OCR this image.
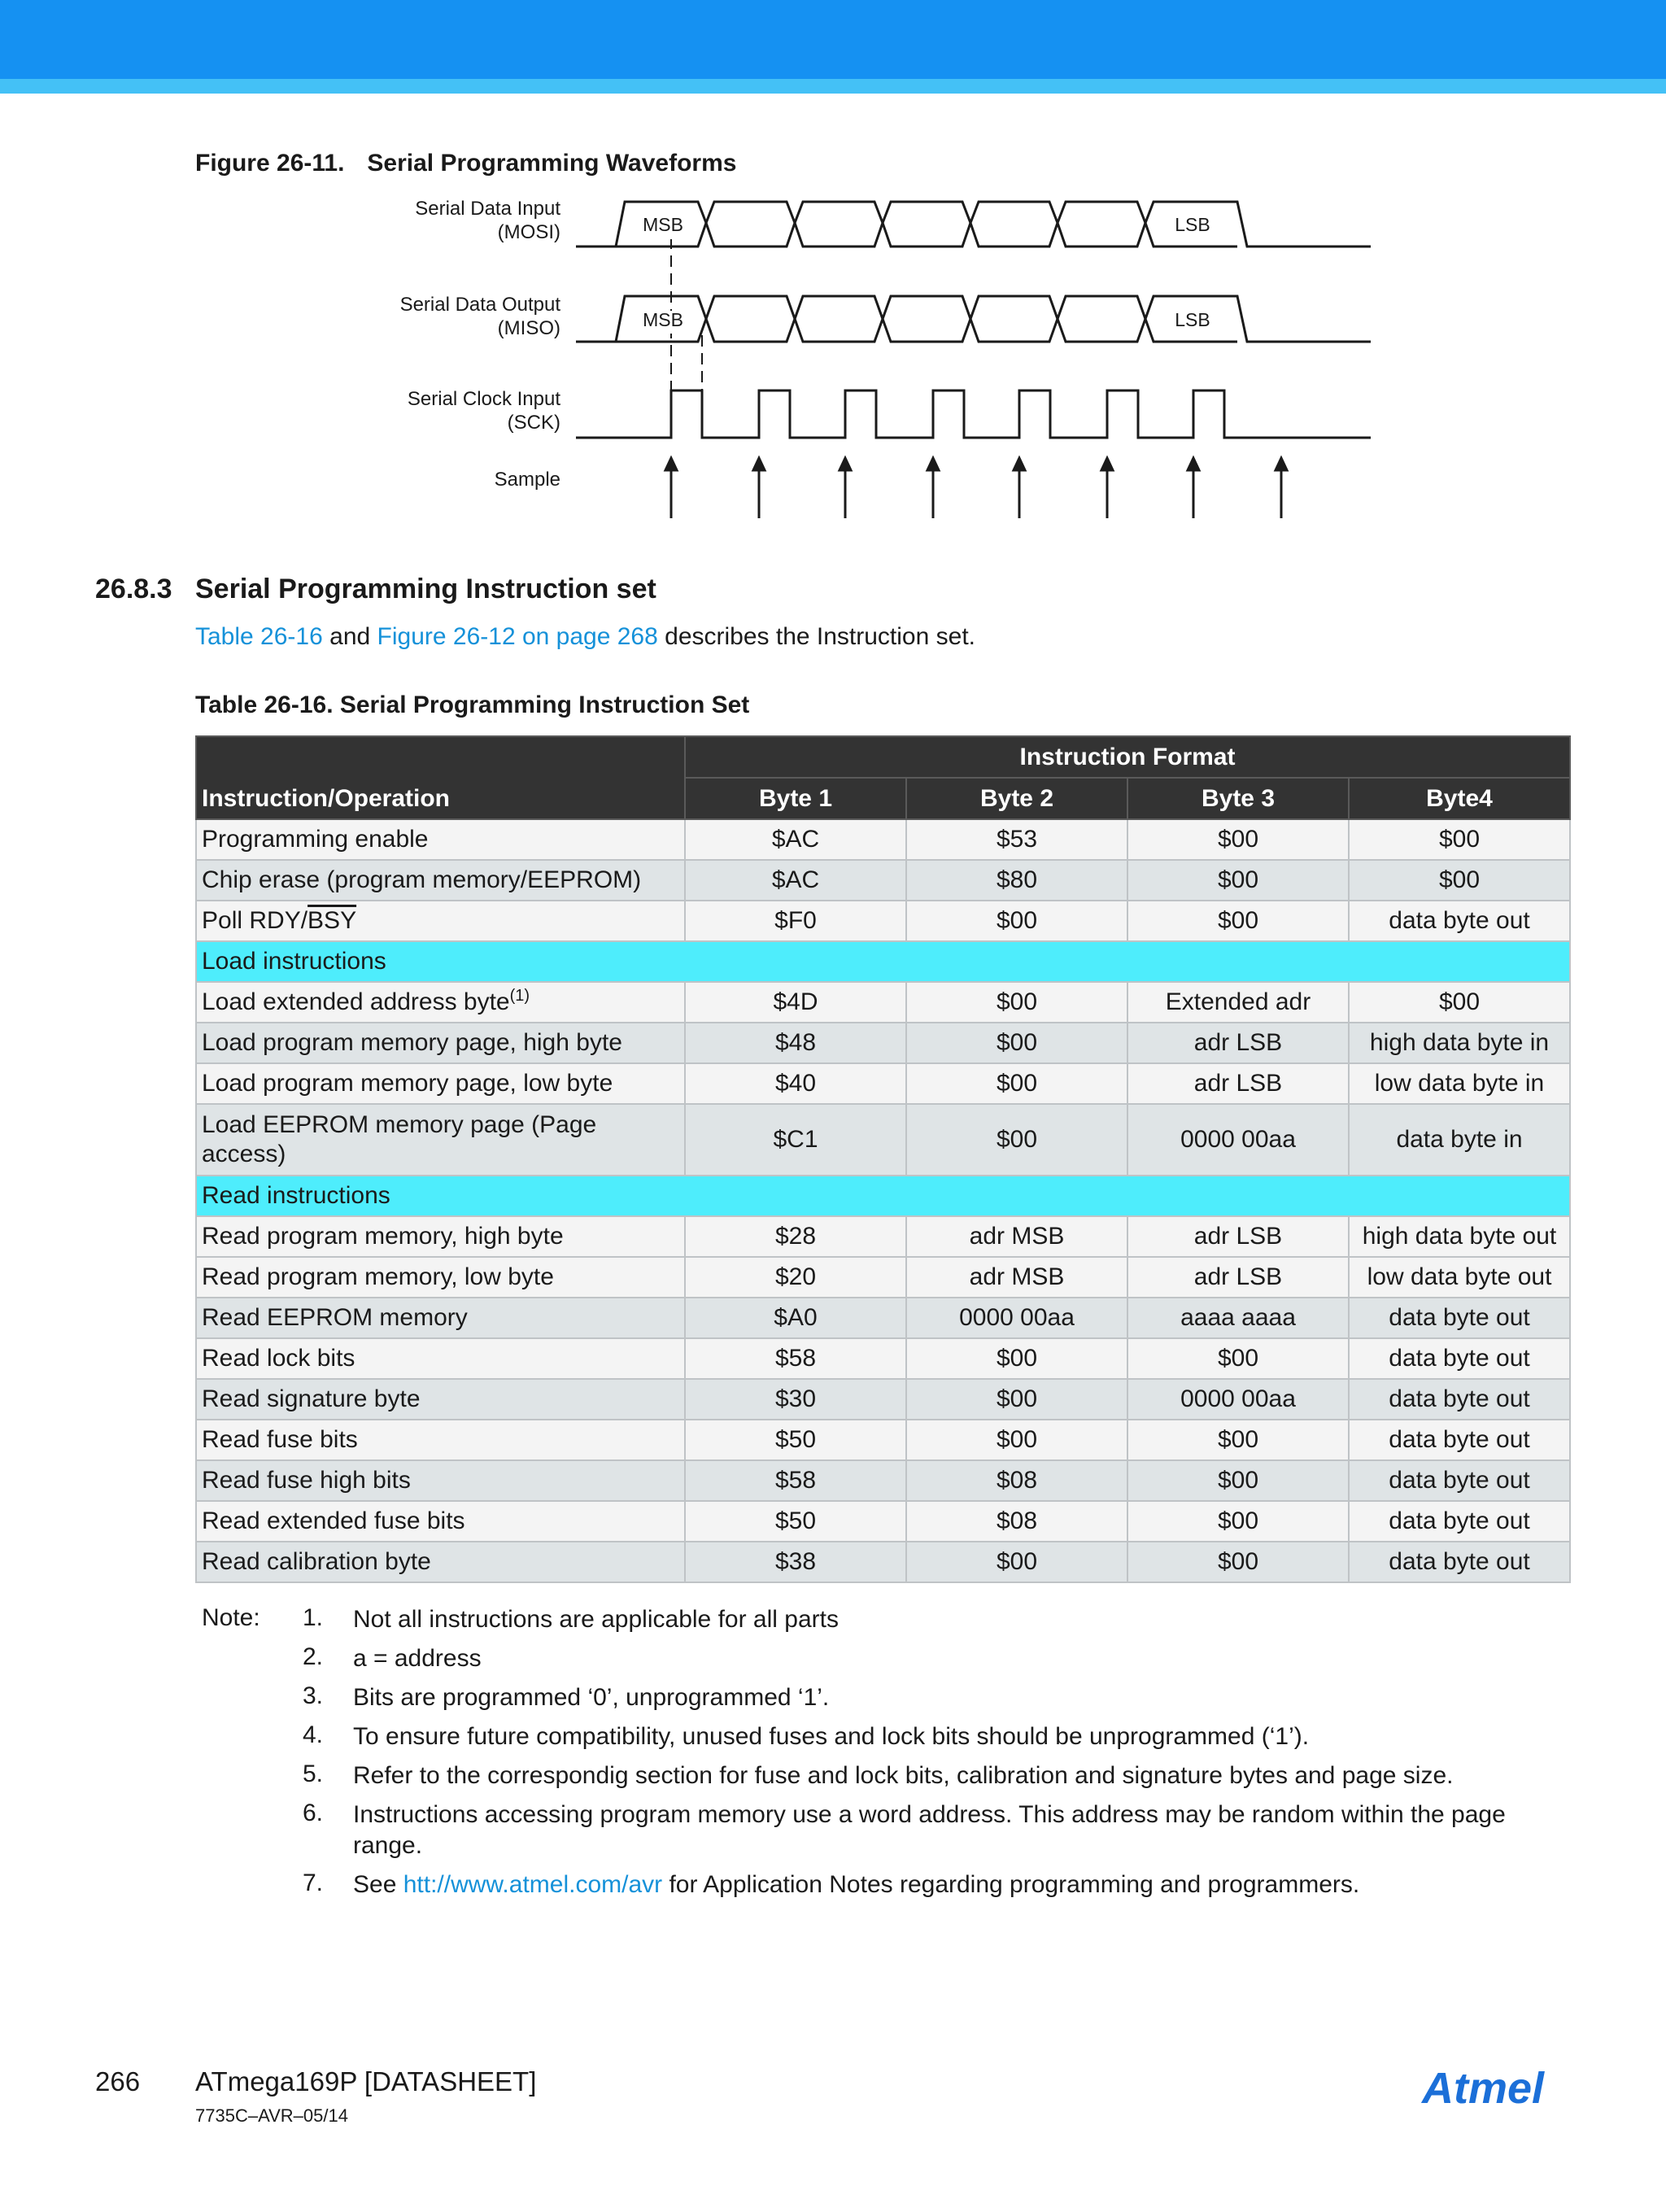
Figure 26-11. Serial Programming Waveforms
Serial Data Input
(MOSI)
Serial Data Output
(MISO)
Serial Clock Input
(SCK)
Sample
MSB	LSB
MSB	LSB
26.8.3 Serial Programming Instruction set
Table 26-16 and Figure 26-12 on page 268 describes the Instruction set.
Table 26-16. Serial Programming Instruction Set
Instruction/Operation	Instruction Format			
	Byte 1	Byte 2	Byte 3	Byte4
Programming enable	$AC	$53	$00	$00
Chip erase (program memory/EEPROM)	$AC	$80	$00	$00
Poll RDY/$\overline{BSY}$	$F0	$00	$00	data byte out
Load instructions				
Load extended address byte$^{(1)}$	$4D	$00	Extended adr	$00
Load program memory page, high byte	$48	$00	adr LSB	high data byte in
Load program memory page, low byte	$40	$00	adr LSB	low data byte in
Load EEPROM memory page (Page access)	$C1	$00	0000 00aa	data byte in
Read instructions				
Read program memory, high byte	$28	adr MSB	adr LSB	high data byte out
Read program memory, low byte	$20	adr MSB	adr LSB	low data byte out
Read EEPROM memory	$A0	0000 00aa	aaaa aaaa	data byte out
Read lock bits	$58	$00	$00	data byte out
Read signature byte	$30	$00	0000 00aa	data byte out
Read fuse bits	$50	$00	$00	data byte out
Read fuse high bits	$58	$08	$00	data byte out
Read extended fuse bits	$50	$08	$00	data byte out
Read calibration byte	$38	$00	$00	data byte out
Note: 1. Not all instructions are applicable for all parts
2. a = address
3. Bits are programmed ‘0’, unprogrammed ‘1’.
4. To ensure future compatibility, unused fuses and lock bits should be unprogrammed (‘1’).
5. Refer to the correspondig section for fuse and lock bits, calibration and signature bytes and page size.
6. Instructions accessing program memory use a word address. This address may be random within the page range.
7. See htt://www.atmel.com/avr for Application Notes regarding programming and programmers.
266 ATmega169P [DATASHEET]
7735C–AVR–05/14
Atmel
